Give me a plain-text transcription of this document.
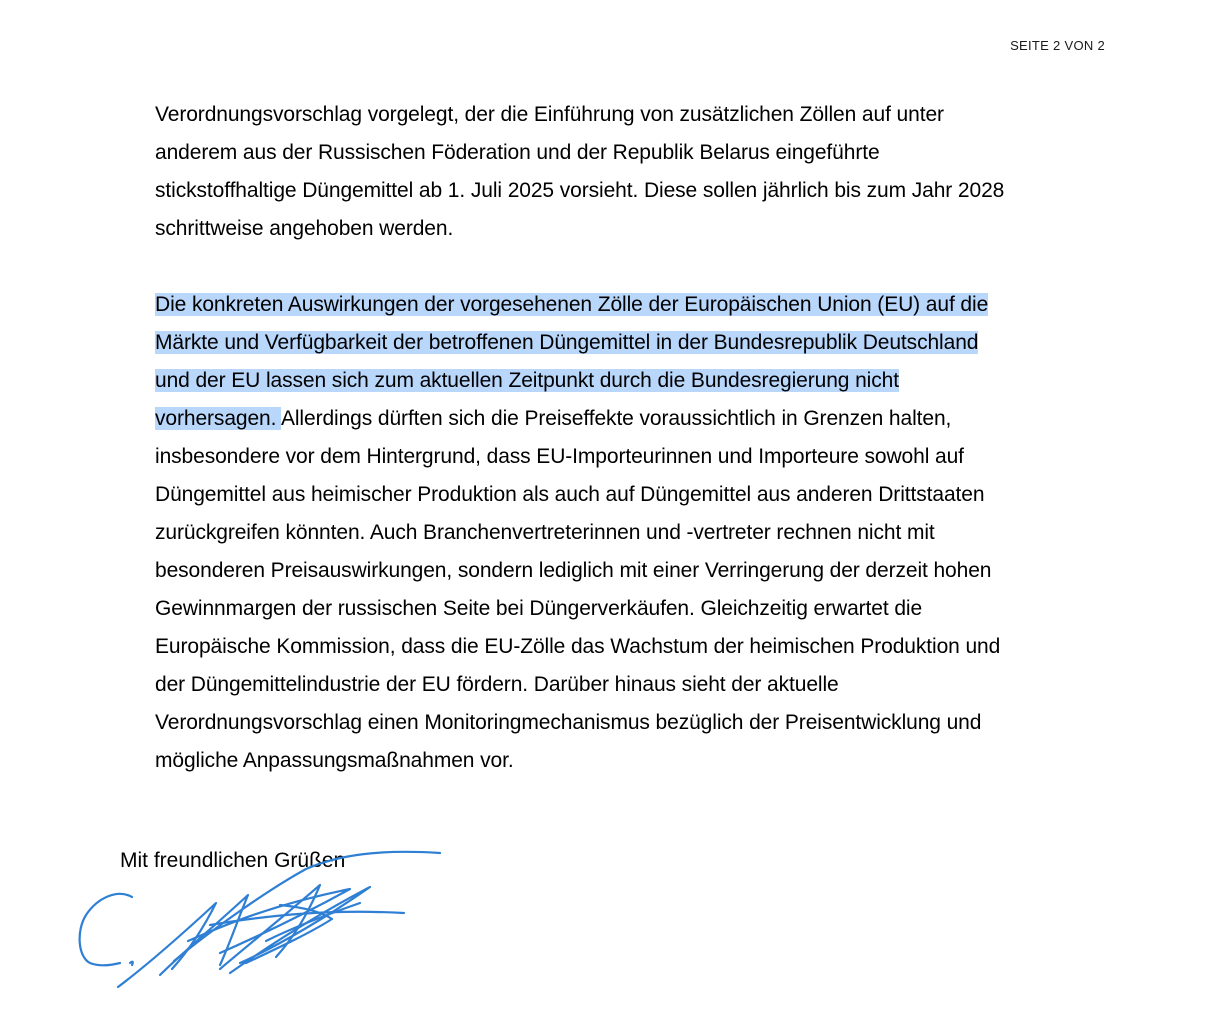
SEITE 2 VON 2
Verordnungsvorschlag vorgelegt, der die Einführung von zusätzlichen Zöllen auf unter
anderem aus der Russischen Föderation und der Republik Belarus eingeführte
stickstoffhaltige Düngemittel ab 1. Juli 2025 vorsieht. Diese sollen jährlich bis zum Jahr 2028
schrittweise angehoben werden.
Die konkreten Auswirkungen der vorgesehenen Zölle der Europäischen Union (EU) auf die
Märkte und Verfügbarkeit der betroffenen Düngemittel in der Bundesrepublik Deutschland
und der EU lassen sich zum aktuellen Zeitpunkt durch die Bundesregierung nicht
vorhersagen. Allerdings dürften sich die Preiseffekte voraussichtlich in Grenzen halten,
insbesondere vor dem Hintergrund, dass EU-Importeurinnen und Importeure sowohl auf
Düngemittel aus heimischer Produktion als auch auf Düngemittel aus anderen Drittstaaten
zurückgreifen könnten. Auch Branchenvertreterinnen und -vertreter rechnen nicht mit
besonderen Preisauswirkungen, sondern lediglich mit einer Verringerung der derzeit hohen
Gewinnmargen der russischen Seite bei Düngerverkäufen. Gleichzeitig erwartet die
Europäische Kommission, dass die EU-Zölle das Wachstum der heimischen Produktion und
der Düngemittelindustrie der EU fördern. Darüber hinaus sieht der aktuelle
Verordnungsvorschlag einen Monitoringmechanismus bezüglich der Preisentwicklung und
mögliche Anpassungsmaßnahmen vor.
Mit freundlichen Grüßen
